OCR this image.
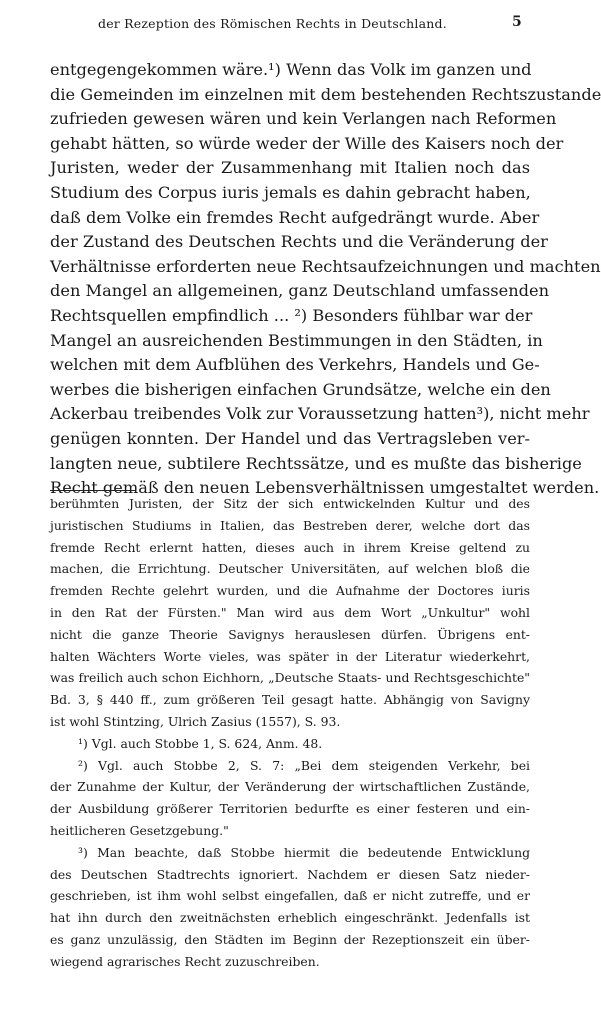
der Rezeption des Römischen Rechts in Deutschland.	5
entgegengekommen wäre.¹) Wenn das Volk im ganzen und
die Gemeinden im einzelnen mit dem bestehenden Rechtszustande
zufrieden gewesen wären und kein Verlangen nach Reformen
gehabt hätten, so würde weder der Wille des Kaisers noch der
Juristen, weder der Zusammenhang mit Italien noch das
Studium des Corpus iuris jemals es dahin gebracht haben,
daß dem Volke ein fremdes Recht aufgedrängt wurde. Aber
der Zustand des Deutschen Rechts und die Veränderung der
Verhältnisse erforderten neue Rechtsaufzeichnungen und machten
den Mangel an allgemeinen, ganz Deutschland umfassenden
Rechtsquellen empfindlich ... ²) Besonders fühlbar war der
Mangel an ausreichenden Bestimmungen in den Städten, in
welchen mit dem Aufblühen des Verkehrs, Handels und Ge-
werbes die bisherigen einfachen Grundsätze, welche ein den
Ackerbau treibendes Volk zur Voraussetzung hatten³), nicht mehr
genügen konnten. Der Handel und das Vertragsleben ver-
langten neue, subtilere Rechtssätze, und es mußte das bisherige
Recht gemäß den neuen Lebensverhältnissen umgestaltet werden.
berühmten Juristen, der Sitz der sich entwickelnden Kultur und des
juristischen Studiums in Italien, das Bestreben derer, welche dort das
fremde Recht erlernt hatten, dieses auch in ihrem Kreise geltend zu
machen, die Errichtung. Deutscher Universitäten, auf welchen bloß die
fremden Rechte gelehrt wurden, und die Aufnahme der Doctores iuris
in den Rat der Fürsten." Man wird aus dem Wort „Unkultur" wohl
nicht die ganze Theorie Savignys herauslesen dürfen. Übrigens ent-
halten Wächters Worte vieles, was später in der Literatur wiederkehrt,
was freilich auch schon Eichhorn, „Deutsche Staats- und Rechtsgeschichte"
Bd. 3, § 440 ff., zum größeren Teil gesagt hatte. Abhängig von Savigny
ist wohl Stintzing, Ulrich Zasius (1557), S. 93.
¹) Vgl. auch Stobbe 1, S. 624, Anm. 48.
²) Vgl. auch Stobbe 2, S. 7: „Bei dem steigenden Verkehr, bei
der Zunahme der Kultur, der Veränderung der wirtschaftlichen Zustände,
der Ausbildung größerer Territorien bedurfte es einer festeren und ein-
heitlicheren Gesetzgebung."
³) Man beachte, daß Stobbe hiermit die bedeutende Entwicklung
des Deutschen Stadtrechts ignoriert. Nachdem er diesen Satz nieder-
geschrieben, ist ihm wohl selbst eingefallen, daß er nicht zutreffe, und er
hat ihn durch den zweitnächsten erheblich eingeschränkt. Jedenfalls ist
es ganz unzulässig, den Städten im Beginn der Rezeptionszeit ein über-
wiegend agrarisches Recht zuzuschreiben.
